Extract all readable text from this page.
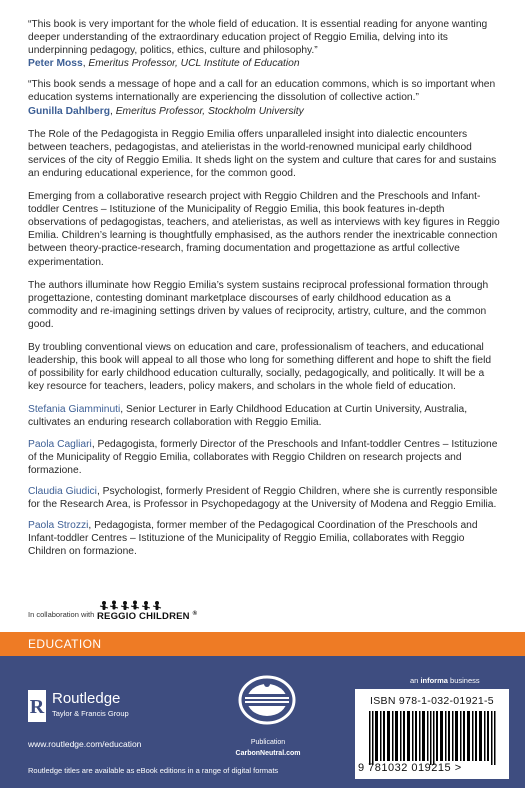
“This book is very important for the whole field of education. It is essential reading for anyone wanting deeper understanding of the extraordinary education project of Reggio Emilia, delving into its underpinning pedagogy, politics, ethics, culture and philosophy.”
Peter Moss, Emeritus Professor, UCL Institute of Education

“This book sends a message of hope and a call for an education commons, which is so important when education systems internationally are experiencing the dissolution of collective action.”
Gunilla Dahlberg, Emeritus Professor, Stockholm University

The Role of the Pedagogista in Reggio Emilia offers unparalleled insight into dialectic encounters between teachers, pedagogistas, and atelieristas in the world-renowned municipal early childhood services of the city of Reggio Emilia. It sheds light on the system and culture that cares for and sustains an enduring educational experience, for the common good.

Emerging from a collaborative research project with Reggio Children and the Preschools and Infant-toddler Centres – Istituzione of the Municipality of Reggio Emilia, this book features in-depth observations of pedagogistas, teachers, and atelieristas, as well as interviews with key figures in Reggio Emilia. Children’s learning is thoughtfully emphasised, as the authors render the inextricable connection between theory-practice-research, framing documentation and progettazione as artful collective experimentation.

The authors illuminate how Reggio Emilia’s system sustains reciprocal professional formation through progettazione, contesting dominant marketplace discourses of early childhood education as a commodity and re-imagining settings driven by values of reciprocity, artistry, culture, and the common good.

By troubling conventional views on education and care, professionalism of teachers, and educational leadership, this book will appeal to all those who long for something different and hope to shift the field of possibility for early childhood education culturally, socially, pedagogically, and politically. It will be a key resource for teachers, leaders, policy makers, and scholars in the whole field of education.

Stefania Giamminuti, Senior Lecturer in Early Childhood Education at Curtin University, Australia, cultivates an enduring research collaboration with Reggio Emilia.

Paola Cagliari, Pedagogista, formerly Director of the Preschools and Infant-toddler Centres – Istituzione of the Municipality of Reggio Emilia, collaborates with Reggio Children on research projects and formazione.

Claudia Giudici, Psychologist, formerly President of Reggio Children, where she is currently responsible for the Research Area, is Professor in Psychopedagogy at the University of Modena and Reggio Emilia.

Paola Strozzi, Pedagogista, former member of the Pedagogical Coordination of the Preschools and Infant-toddler Centres – Istituzione of the Municipality of Reggio Emilia, collaborates with Reggio Children on formazione.

In collaboration with REGGIO CHILDREN ®
EDUCATION
an informa business
R Routledge
Taylor & Francis Group
www.routledge.com/education
Routledge titles are available as eBook editions in a range of digital formats
Publication
CarbonNeutral.com
ISBN 978-1-032-01921-5
9 781032 019215 >
